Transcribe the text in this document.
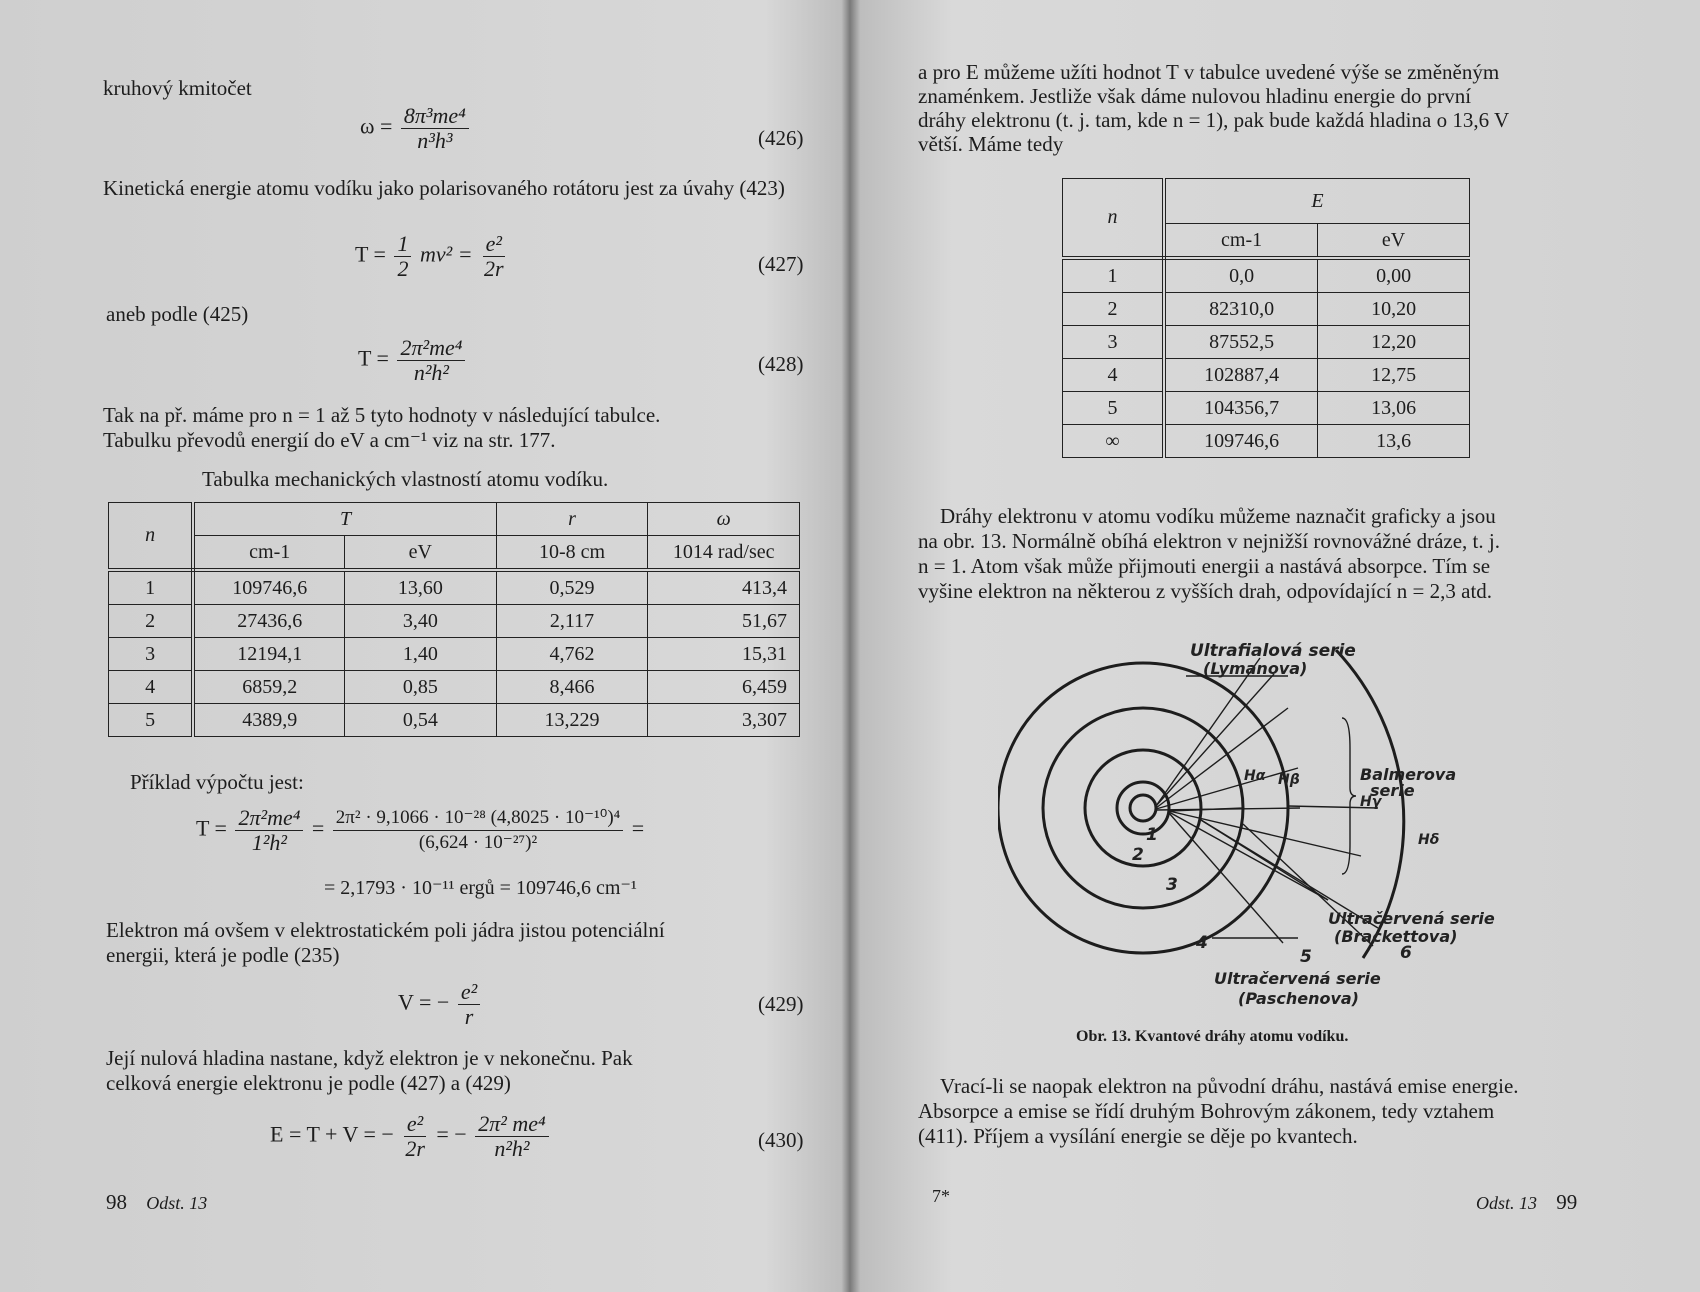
kruhový kmitočet
$\omega = \frac{\text{8π³me⁴}}{\text{n³h³}}$	(426)
Kinetická energie atomu vodíku jako polarisovaného rotátoru jest za úvahy (423)
$T = \frac{1}{2} mv^2 = \frac{\text{e²}}{2r}$	(427)
aneb podle (425)
$T = \frac{\text{2π²me⁴}}{\text{n²h²}}$	(428)
Tak na př. máme pro n = 1 až 5 tyto hodnoty v následující tabulce.
Tabulku převodů energií do eV a cm⁻¹ viz na str. 177.
Tabulka mechanických vlastností atomu vodíku.
n	T		r	ω
	cm-1	eV	10-8 cm	1014 rad/sec
1	109746,6	13,60	0,529	413,4
2	27436,6	3,40	2,117	51,67
3	12194,1	1,40	4,762	15,31
4	6859,2	0,85	8,466	6,459
5	4389,9	0,54	13,229	3,307
Příklad výpočtu jest:
$T = \frac{\text{2π²me⁴}}{\text{1²h²}} = \frac{\text{2π² · 9,1066 · 10⁻²⁸ (4,8025 · 10⁻¹⁰)⁴}}{\text{(6,624 · 10⁻²⁷)²}}$ =
= 2,1793 · 10⁻¹¹ ergů = 109746,6 cm⁻¹
Elektron má ovšem v elektrostatickém poli jádra jistou potenciální
energii, která je podle (235)
V = − $\frac{\text{e²}}{r}$	(429)
Její nulová hladina nastane, když elektron je v nekonečnu. Pak
celková energie elektronu je podle (427) a (429)
E = T + V = − $\frac{\text{e²}}{2r}$ = − $\frac{\text{2π² me⁴}}{\text{n²h²}}$	(430)
98 Odst. 13
a pro E můžeme užíti hodnot T v tabulce uvedené výše se změněným
znaménkem. Jestliže však dáme nulovou hladinu energie do první
dráhy elektronu (t. j. tam, kde n = 1), pak bude každá hladina o 13,6 V
větší. Máme tedy
n	E	
	cm-1	eV
1	0,0	0,00
2	82310,0	10,20
3	87552,5	12,20
4	102887,4	12,75
5	104356,7	13,06
∞	109746,6	13,6
Dráhy elektronu v atomu vodíku můžeme naznačit graficky a jsou
na obr. 13. Normálně obíhá elektron v nejnižší rovnovážné dráze, t. j.
n = 1. Atom však může přijmouti energii a nastává absorpce. Tím se
vyšine elektron na některou z vyšších drah, odpovídající n = 2,3 atd.
Ultrafialová serie
(Lymanova)
Balmerova
serie
Hα Hβ
Hγ
Hδ
1
2
3
4
5	6
Ultračervená serie
(Brackettova)
Ultračervená serie
(Paschenova)
Obr. 13. Kvantové dráhy atomu vodíku.
Vrací-li se naopak elektron na původní dráhu, nastává emise energie.
Absorpce a emise se řídí druhým Bohrovým zákonem, tedy vztahem
(411). Příjem a vysílání energie se děje po kvantech.
7*	Odst. 13 99
